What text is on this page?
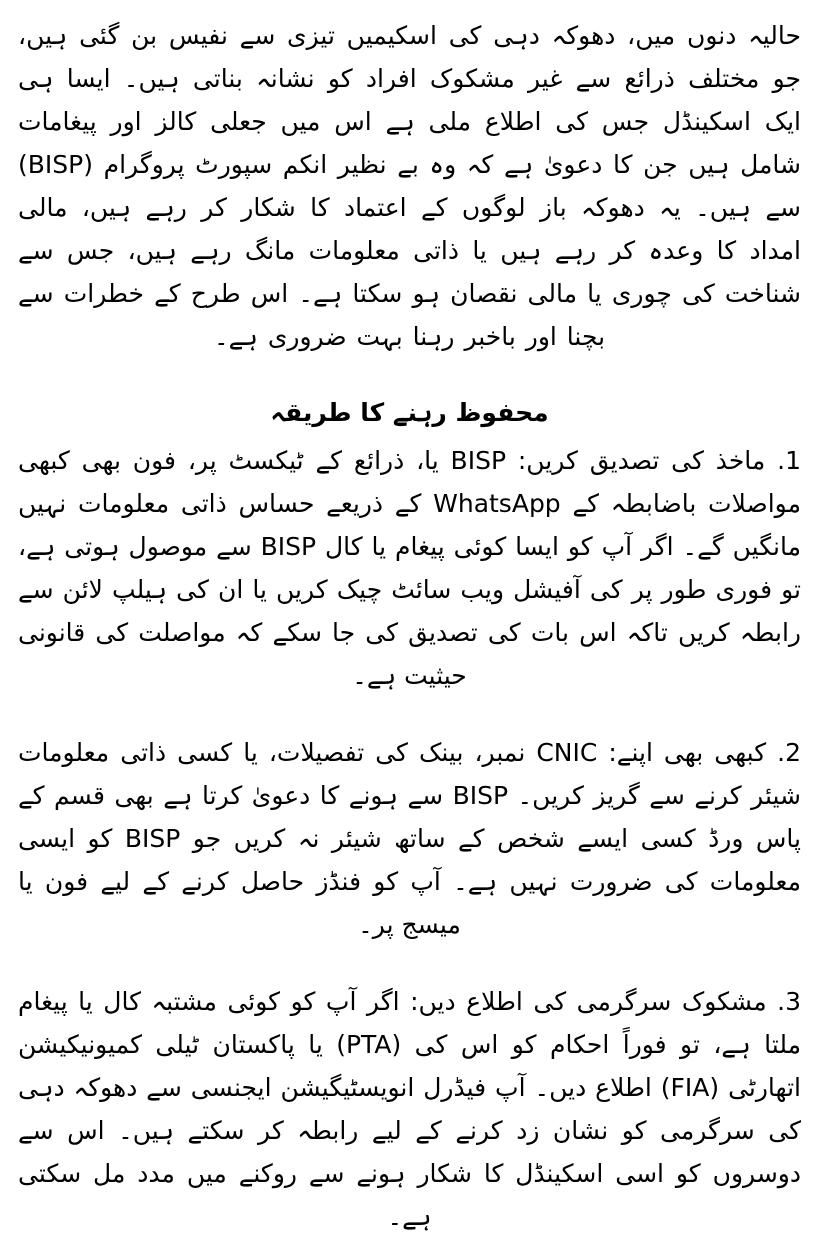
حالیہ دنوں میں، دھوکہ دہی کی اسکیمیں تیزی سے نفیس بن گئی ہیں، جو مختلف ذرائع سے غیر مشکوک افراد کو نشانہ بناتی ہیں۔ ایسا ہی ایک اسکینڈل جس کی اطلاع ملی ہے اس میں جعلی کالز اور پیغامات شامل ہیں جن کا دعویٰ ہے کہ وہ بے نظیر انکم سپورٹ پروگرام (BISP) سے ہیں۔ یہ دھوکہ باز لوگوں کے اعتماد کا شکار کر رہے ہیں، مالی امداد کا وعدہ کر رہے ہیں یا ذاتی معلومات مانگ رہے ہیں، جس سے شناخت کی چوری یا مالی نقصان ہو سکتا ہے۔ اس طرح کے خطرات سے بچنا اور باخبر رہنا بہت ضروری ہے۔

محفوظ رہنے کا طریقہ

1. ماخذ کی تصدیق کریں: BISP یا، ذرائع کے ٹیکسٹ پر، فون بھی کبھی مواصلات باضابطہ کے WhatsApp کے ذریعے حساس ذاتی معلومات نہیں مانگیں گے۔ اگر آپ کو ایسا کوئی پیغام یا کال BISP سے موصول ہوتی ہے، تو فوری طور پر کی آفیشل ویب سائٹ چیک کریں یا ان کی ہیلپ لائن سے رابطہ کریں تاکہ اس بات کی تصدیق کی جا سکے کہ مواصلت کی قانونی حیثیت ہے۔

2. کبھی بھی اپنے: CNIC نمبر، بینک کی تفصیلات، یا کسی ذاتی معلومات شیئر کرنے سے گریز کریں۔ BISP سے ہونے کا دعویٰ کرتا ہے بھی قسم کے پاس ورڈ کسی ایسے شخص کے ساتھ شیئر نہ کریں جو BISP کو ایسی معلومات کی ضرورت نہیں ہے۔ آپ کو فنڈز حاصل کرنے کے لیے فون یا میسج پر۔

3. مشکوک سرگرمی کی اطلاع دیں: اگر آپ کو کوئی مشتبہ کال یا پیغام ملتا ہے، تو فوراً احکام کو اس کی (PTA) یا پاکستان ٹیلی کمیونیکیشن اتھارٹی (FIA) اطلاع دیں۔ آپ فیڈرل انویسٹیگیشن ایجنسی سے دھوکہ دہی کی سرگرمی کو نشان زد کرنے کے لیے رابطہ کر سکتے ہیں۔ اس سے دوسروں کو اسی اسکینڈل کا شکار ہونے سے روکنے میں مدد مل سکتی ہے۔
